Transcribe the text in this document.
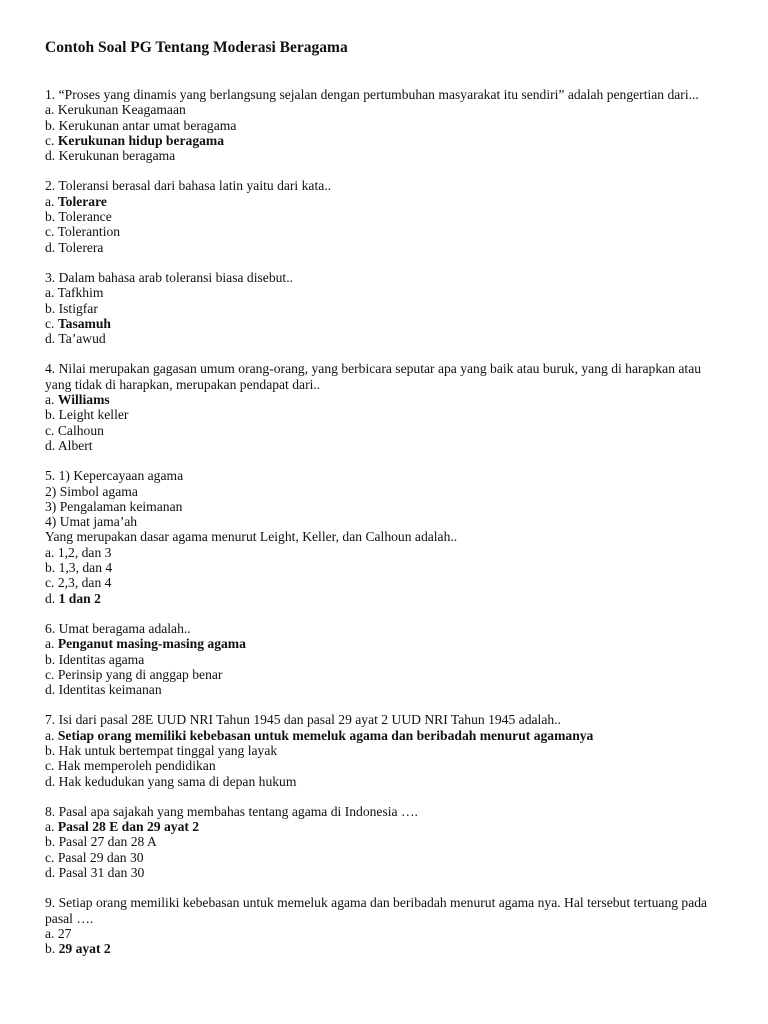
Contoh Soal PG Tentang Moderasi Beragama
1. “Proses yang dinamis yang berlangsung sejalan dengan pertumbuhan masyarakat itu sendiri” adalah pengertian dari...
a. Kerukunan Keagamaan
b. Kerukunan antar umat beragama
c. Kerukunan hidup beragama
d. Kerukunan beragama
2. Toleransi berasal dari bahasa latin yaitu dari kata..
a. Tolerare
b. Tolerance
c. Tolerantion
d. Tolerera
3. Dalam bahasa arab toleransi biasa disebut..
a. Tafkhim
b. Istigfar
c. Tasamuh
d. Ta’awud
4. Nilai merupakan gagasan umum orang-orang, yang berbicara seputar apa yang baik atau buruk, yang di harapkan atau yang tidak di harapkan, merupakan pendapat dari..
a. Williams
b. Leight keller
c. Calhoun
d. Albert
5. 1) Kepercayaan agama
2) Simbol agama
3) Pengalaman keimanan
4) Umat jama’ah
Yang merupakan dasar agama menurut Leight, Keller, dan Calhoun adalah..
a. 1,2, dan 3
b. 1,3, dan 4
c. 2,3, dan 4
d. 1 dan 2
6. Umat beragama adalah..
a. Penganut masing-masing agama
b. Identitas agama
c. Perinsip yang di anggap benar
d. Identitas keimanan
7. Isi dari pasal 28E UUD NRI Tahun 1945 dan pasal 29 ayat 2 UUD NRI Tahun 1945 adalah..
a. Setiap orang memiliki kebebasan untuk memeluk agama dan beribadah menurut agamanya
b. Hak untuk bertempat tinggal yang layak
c. Hak memperoleh pendidikan
d. Hak kedudukan yang sama di depan hukum
8. Pasal apa sajakah yang membahas tentang agama di Indonesia ….
a. Pasal 28 E dan 29 ayat 2
b. Pasal 27 dan 28 A
c. Pasal 29 dan 30
d. Pasal 31 dan 30
9. Setiap orang memiliki kebebasan untuk memeluk agama dan beribadah menurut agama nya. Hal tersebut tertuang pada pasal ….
a. 27
b. 29 ayat 2
